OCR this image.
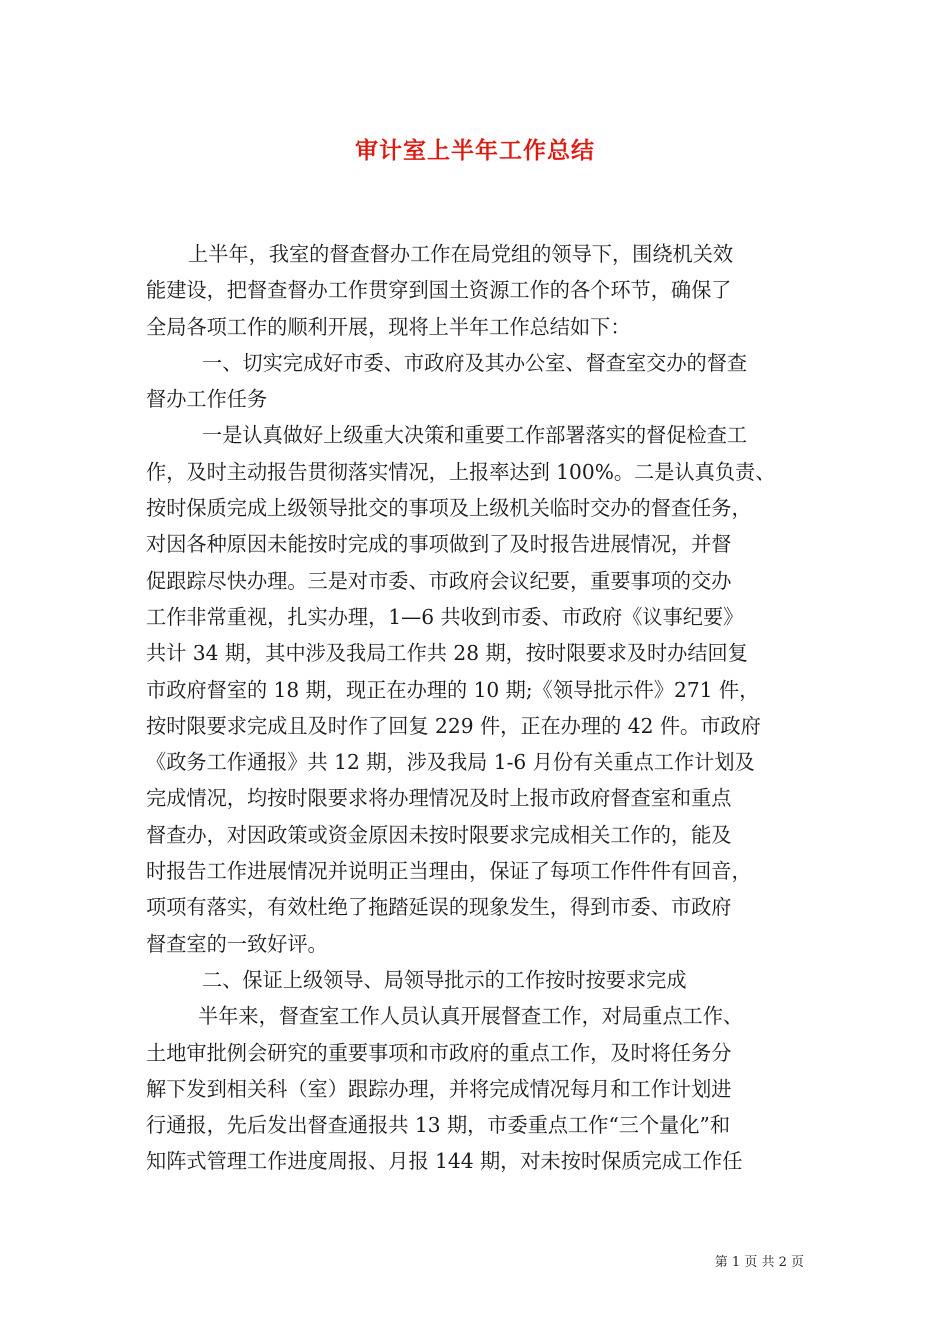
审计室上半年工作总结
上半年，我室的督查督办工作在局党组的领导下，围绕机关效
能建设，把督查督办工作贯穿到国土资源工作的各个环节，确保了
全局各项工作的顺利开展，现将上半年工作总结如下：
一、切实完成好市委、市政府及其办公室、督查室交办的督查
督办工作任务
一是认真做好上级重大决策和重要工作部署落实的督促检查工
作，及时主动报告贯彻落实情况，上报率达到 100%。二是认真负责、
按时保质完成上级领导批交的事项及上级机关临时交办的督查任务，
对因各种原因未能按时完成的事项做到了及时报告进展情况，并督
促跟踪尽快办理。三是对市委、市政府会议纪要，重要事项的交办
工作非常重视，扎实办理，1—6 共收到市委、市政府《议事纪要》
共计 34 期，其中涉及我局工作共 28 期，按时限要求及时办结回复
市政府督室的 18 期，现正在办理的 10 期;《领导批示件》271 件，
按时限要求完成且及时作了回复 229 件，正在办理的 42 件。市政府
《政务工作通报》共 12 期，涉及我局 1-6 月份有关重点工作计划及
完成情况，均按时限要求将办理情况及时上报市政府督查室和重点
督查办，对因政策或资金原因未按时限要求完成相关工作的，能及
时报告工作进展情况并说明正当理由，保证了每项工作件件有回音，
项项有落实，有效杜绝了拖踏延误的现象发生，得到市委、市政府
督查室的一致好评。
二、保证上级领导、局领导批示的工作按时按要求完成
半年来，督查室工作人员认真开展督查工作，对局重点工作、
土地审批例会研究的重要事项和市政府的重点工作，及时将任务分
解下发到相关科（室）跟踪办理，并将完成情况每月和工作计划进
行通报，先后发出督查通报共 13 期，市委重点工作“三个量化”和
知阵式管理工作进度周报、月报 144 期，对未按时保质完成工作任
第 1 页 共 2 页
